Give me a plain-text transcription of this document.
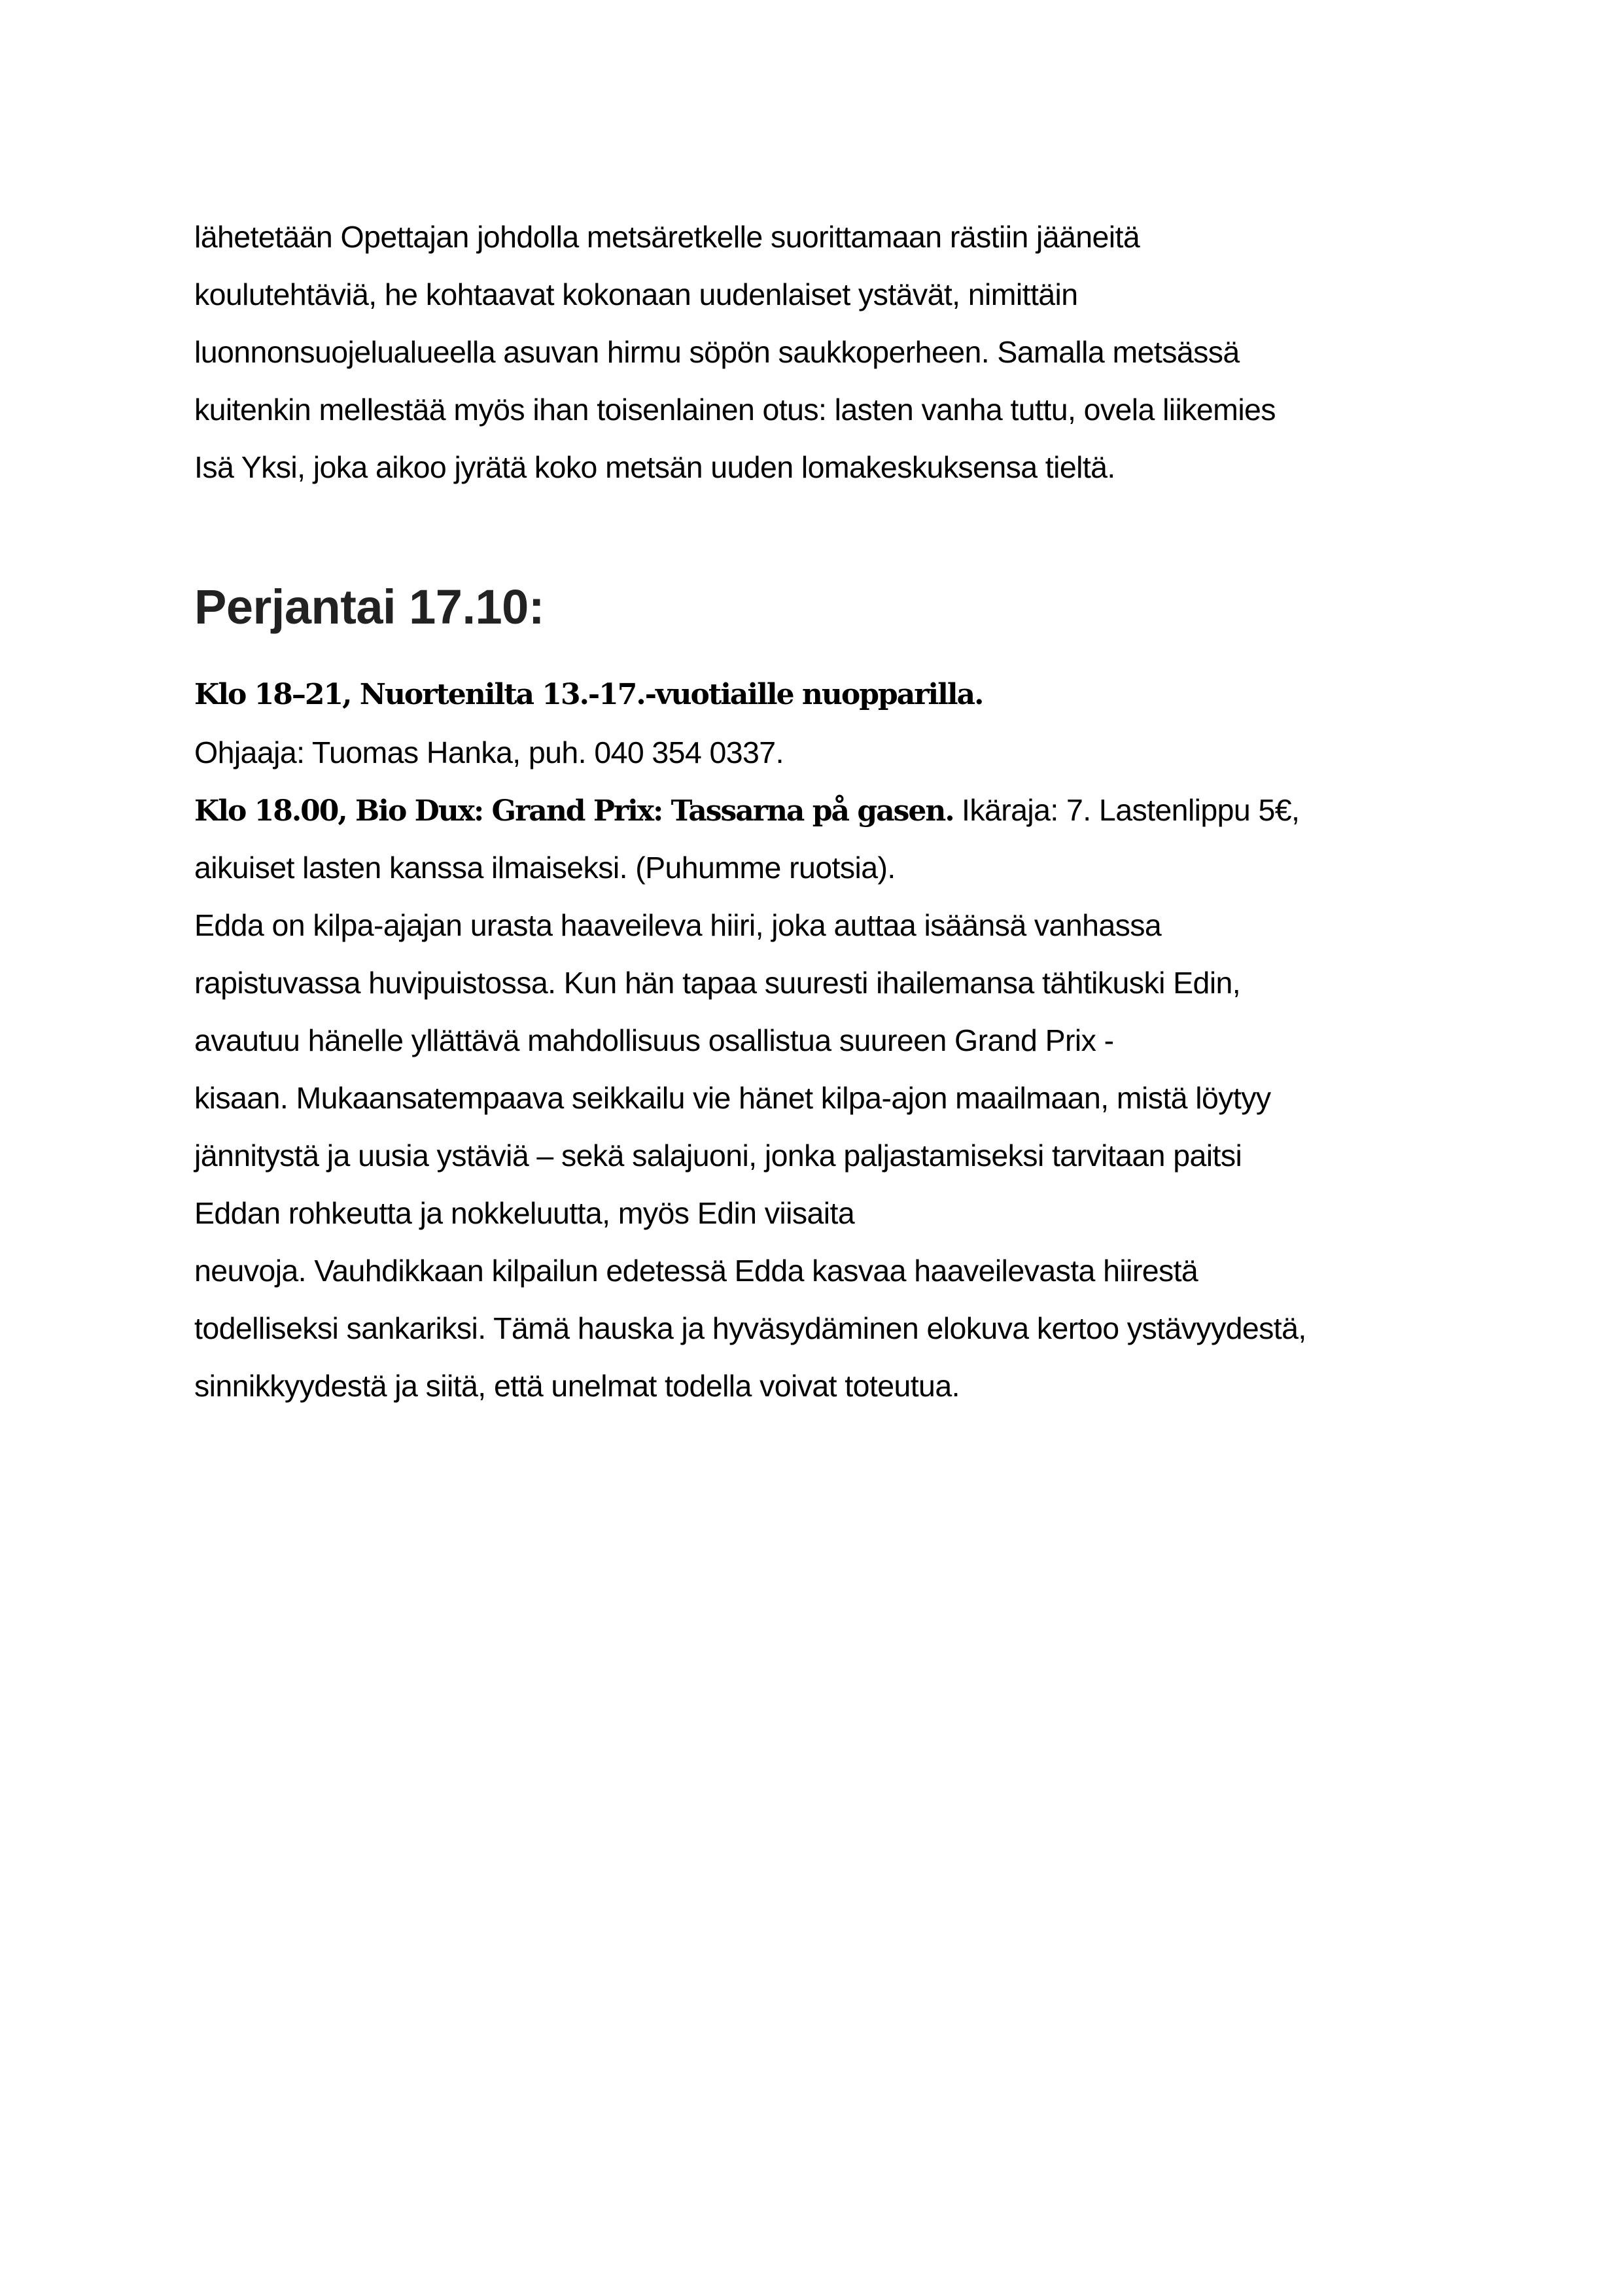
lähetetään Opettajan johdolla metsäretkelle suorittamaan rästiin jääneitä
koulutehtäviä, he kohtaavat kokonaan uudenlaiset ystävät, nimittäin
luonnonsuojelualueella asuvan hirmu söpön saukkoperheen. Samalla metsässä
kuitenkin mellestää myös ihan toisenlainen otus: lasten vanha tuttu, ovela liikemies
Isä Yksi, joka aikoo jyrätä koko metsän uuden lomakeskuksensa tieltä.
Perjantai 17.10:
Klo 18–21, Nuortenilta 13.-17.-vuotiaille nuopparilla.
Ohjaaja: Tuomas Hanka, puh. 040 354 0337.
Klo 18.00, Bio Dux: Grand Prix: Tassarna på gasen. Ikäraja: 7. Lastenlippu 5€,
aikuiset lasten kanssa ilmaiseksi. (Puhumme ruotsia).
Edda on kilpa-ajajan urasta haaveileva hiiri, joka auttaa isäänsä vanhassa
rapistuvassa huvipuistossa. Kun hän tapaa suuresti ihailemansa tähtikuski Edin,
avautuu hänelle yllättävä mahdollisuus osallistua suureen Grand Prix -
kisaan. Mukaansatempaava seikkailu vie hänet kilpa-ajon maailmaan, mistä löytyy
jännitystä ja uusia ystäviä – sekä salajuoni, jonka paljastamiseksi tarvitaan paitsi
Eddan rohkeutta ja nokkeluutta, myös Edin viisaita
neuvoja. Vauhdikkaan kilpailun edetessä Edda kasvaa haaveilevasta hiirestä
todelliseksi sankariksi. Tämä hauska ja hyväsydäminen elokuva kertoo ystävyydestä,
sinnikkyydestä ja siitä, että unelmat todella voivat toteutua.
